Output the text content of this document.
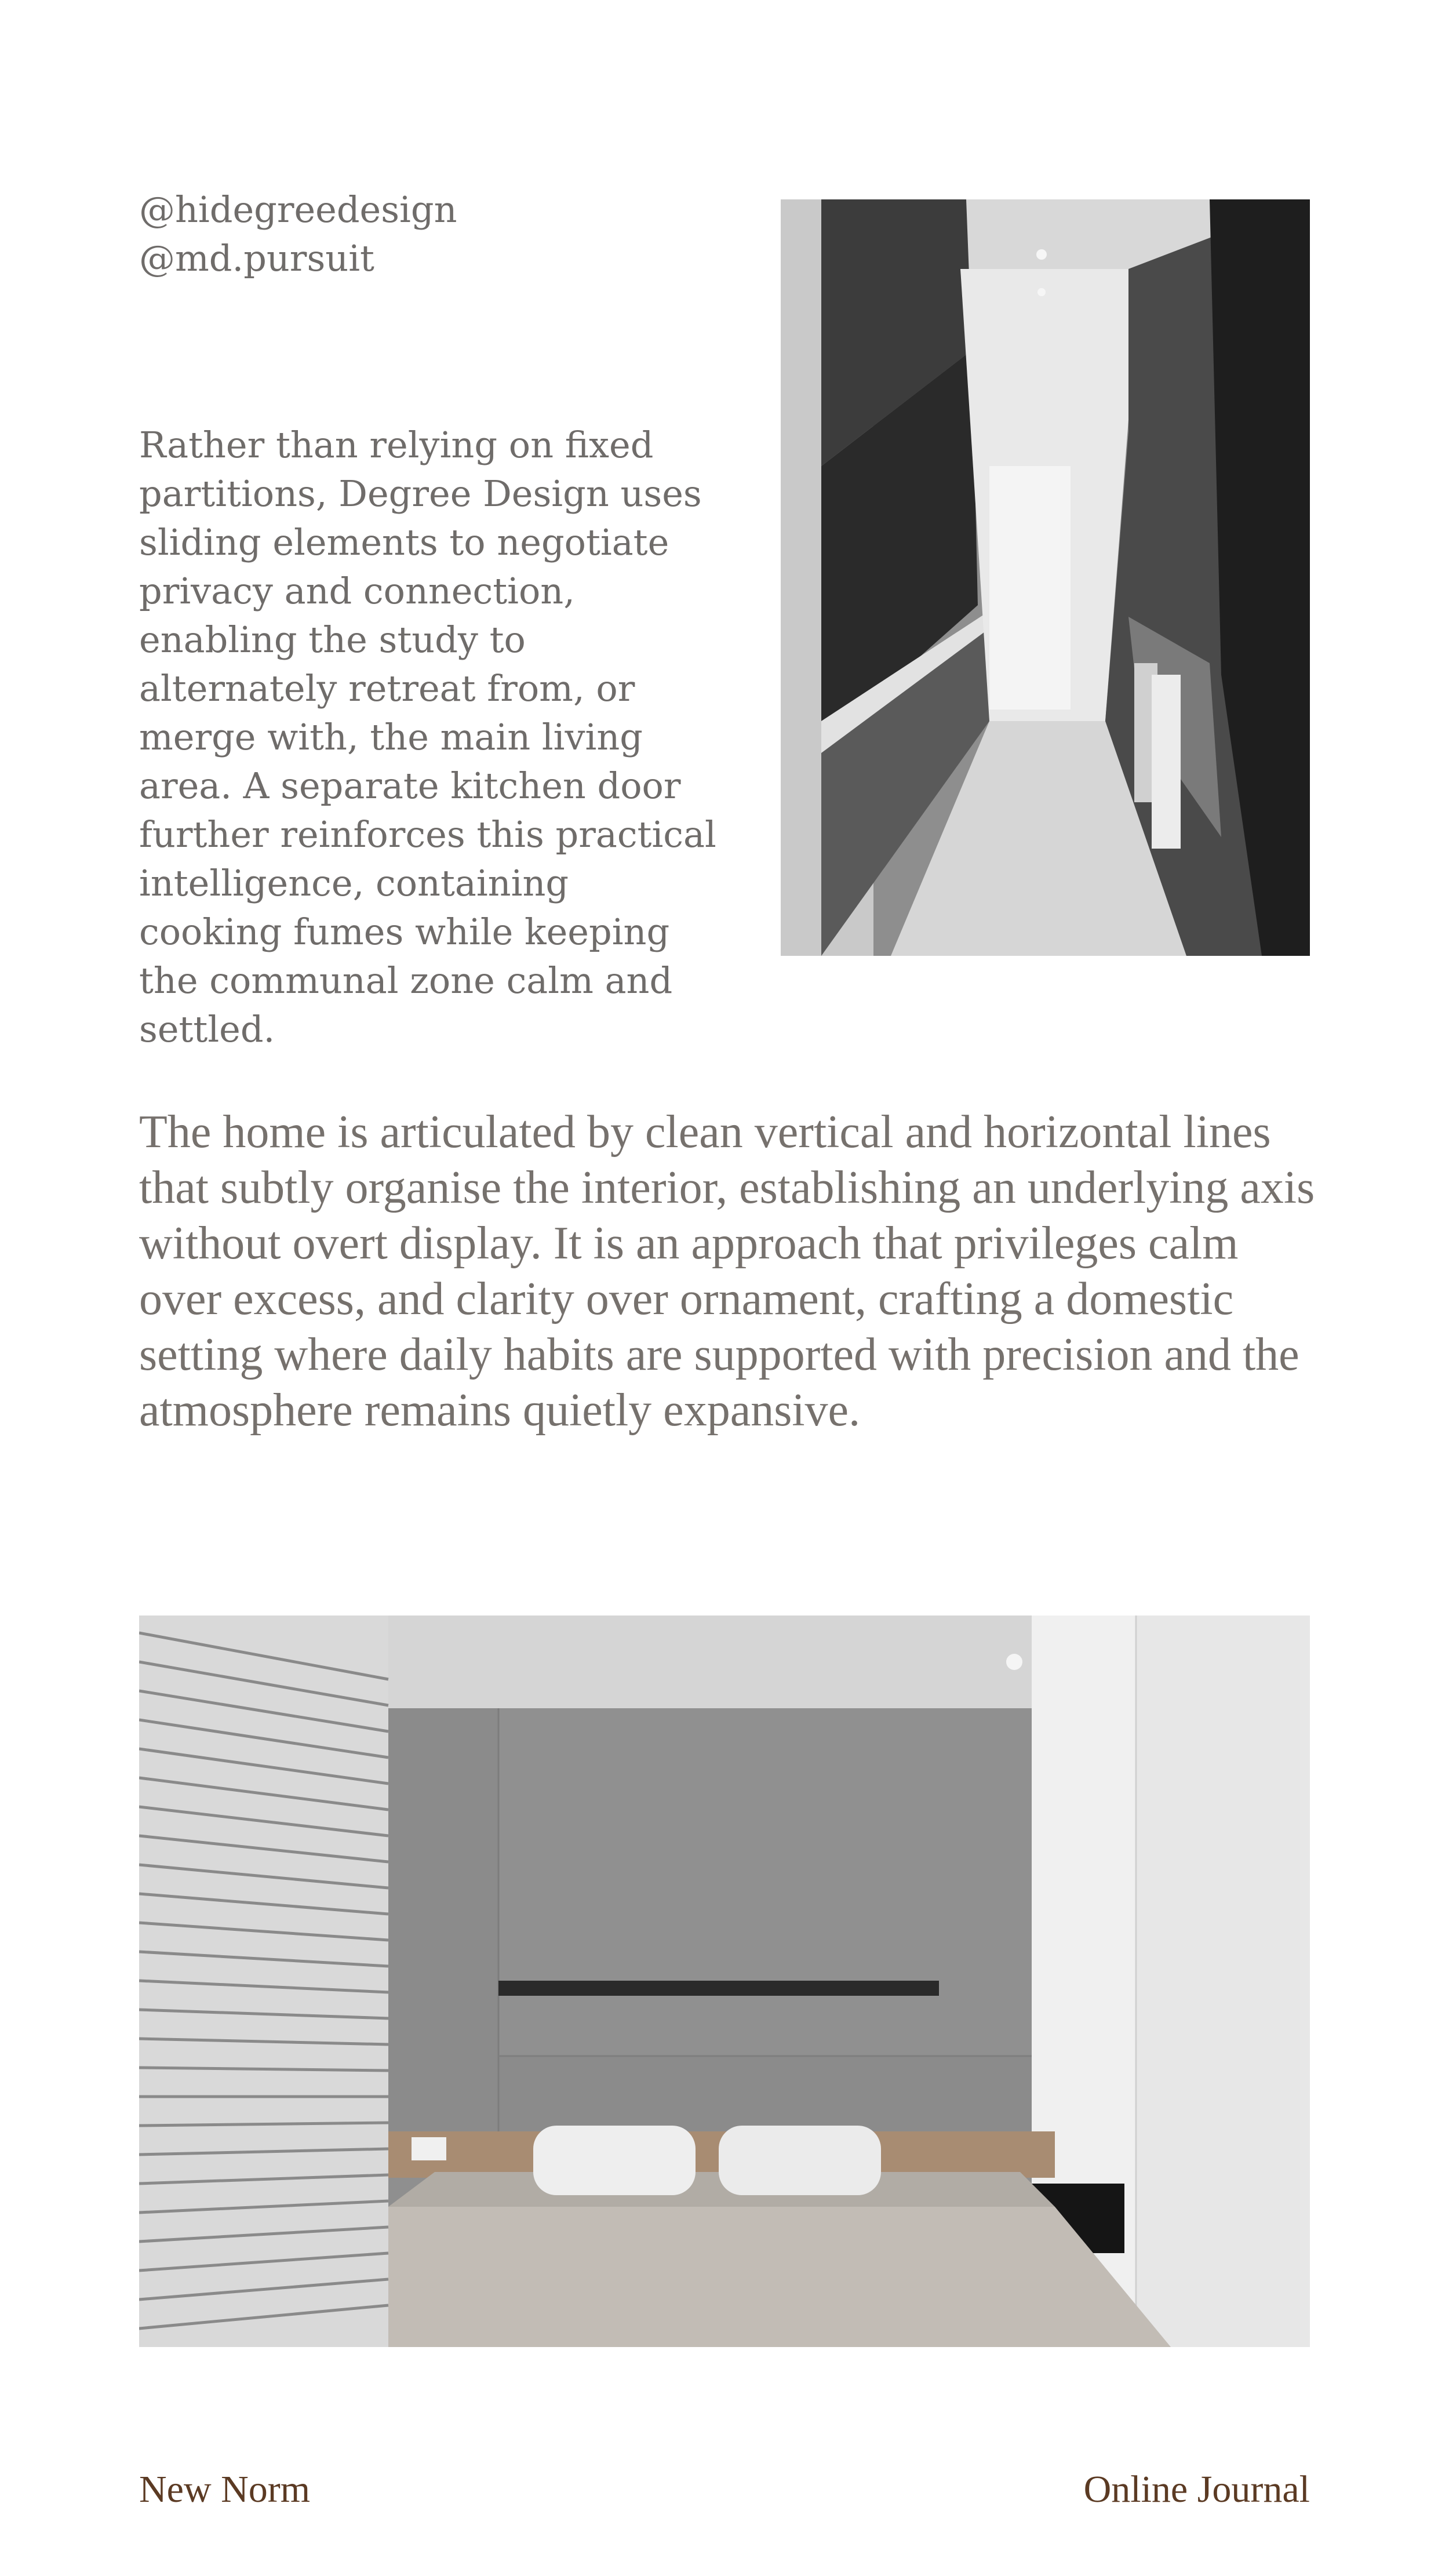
@hidegreedesign
@md.pursuit

Rather than relying on fixed partitions, Degree Design uses sliding elements to negotiate privacy and connection, enabling the study to alternately retreat from, or merge with, the main living area. A separate kitchen door further reinforces this practical intelligence, containing cooking fumes while keeping the communal zone calm and settled.

The home is articulated by clean vertical and horizontal lines that subtly organise the interior, establishing an underlying axis without overt display. It is an approach that privileges calm over excess, and clarity over ornament, crafting a domestic setting where daily habits are supported with precision and the atmosphere remains quietly expansive.

New Norm	Online Journal
